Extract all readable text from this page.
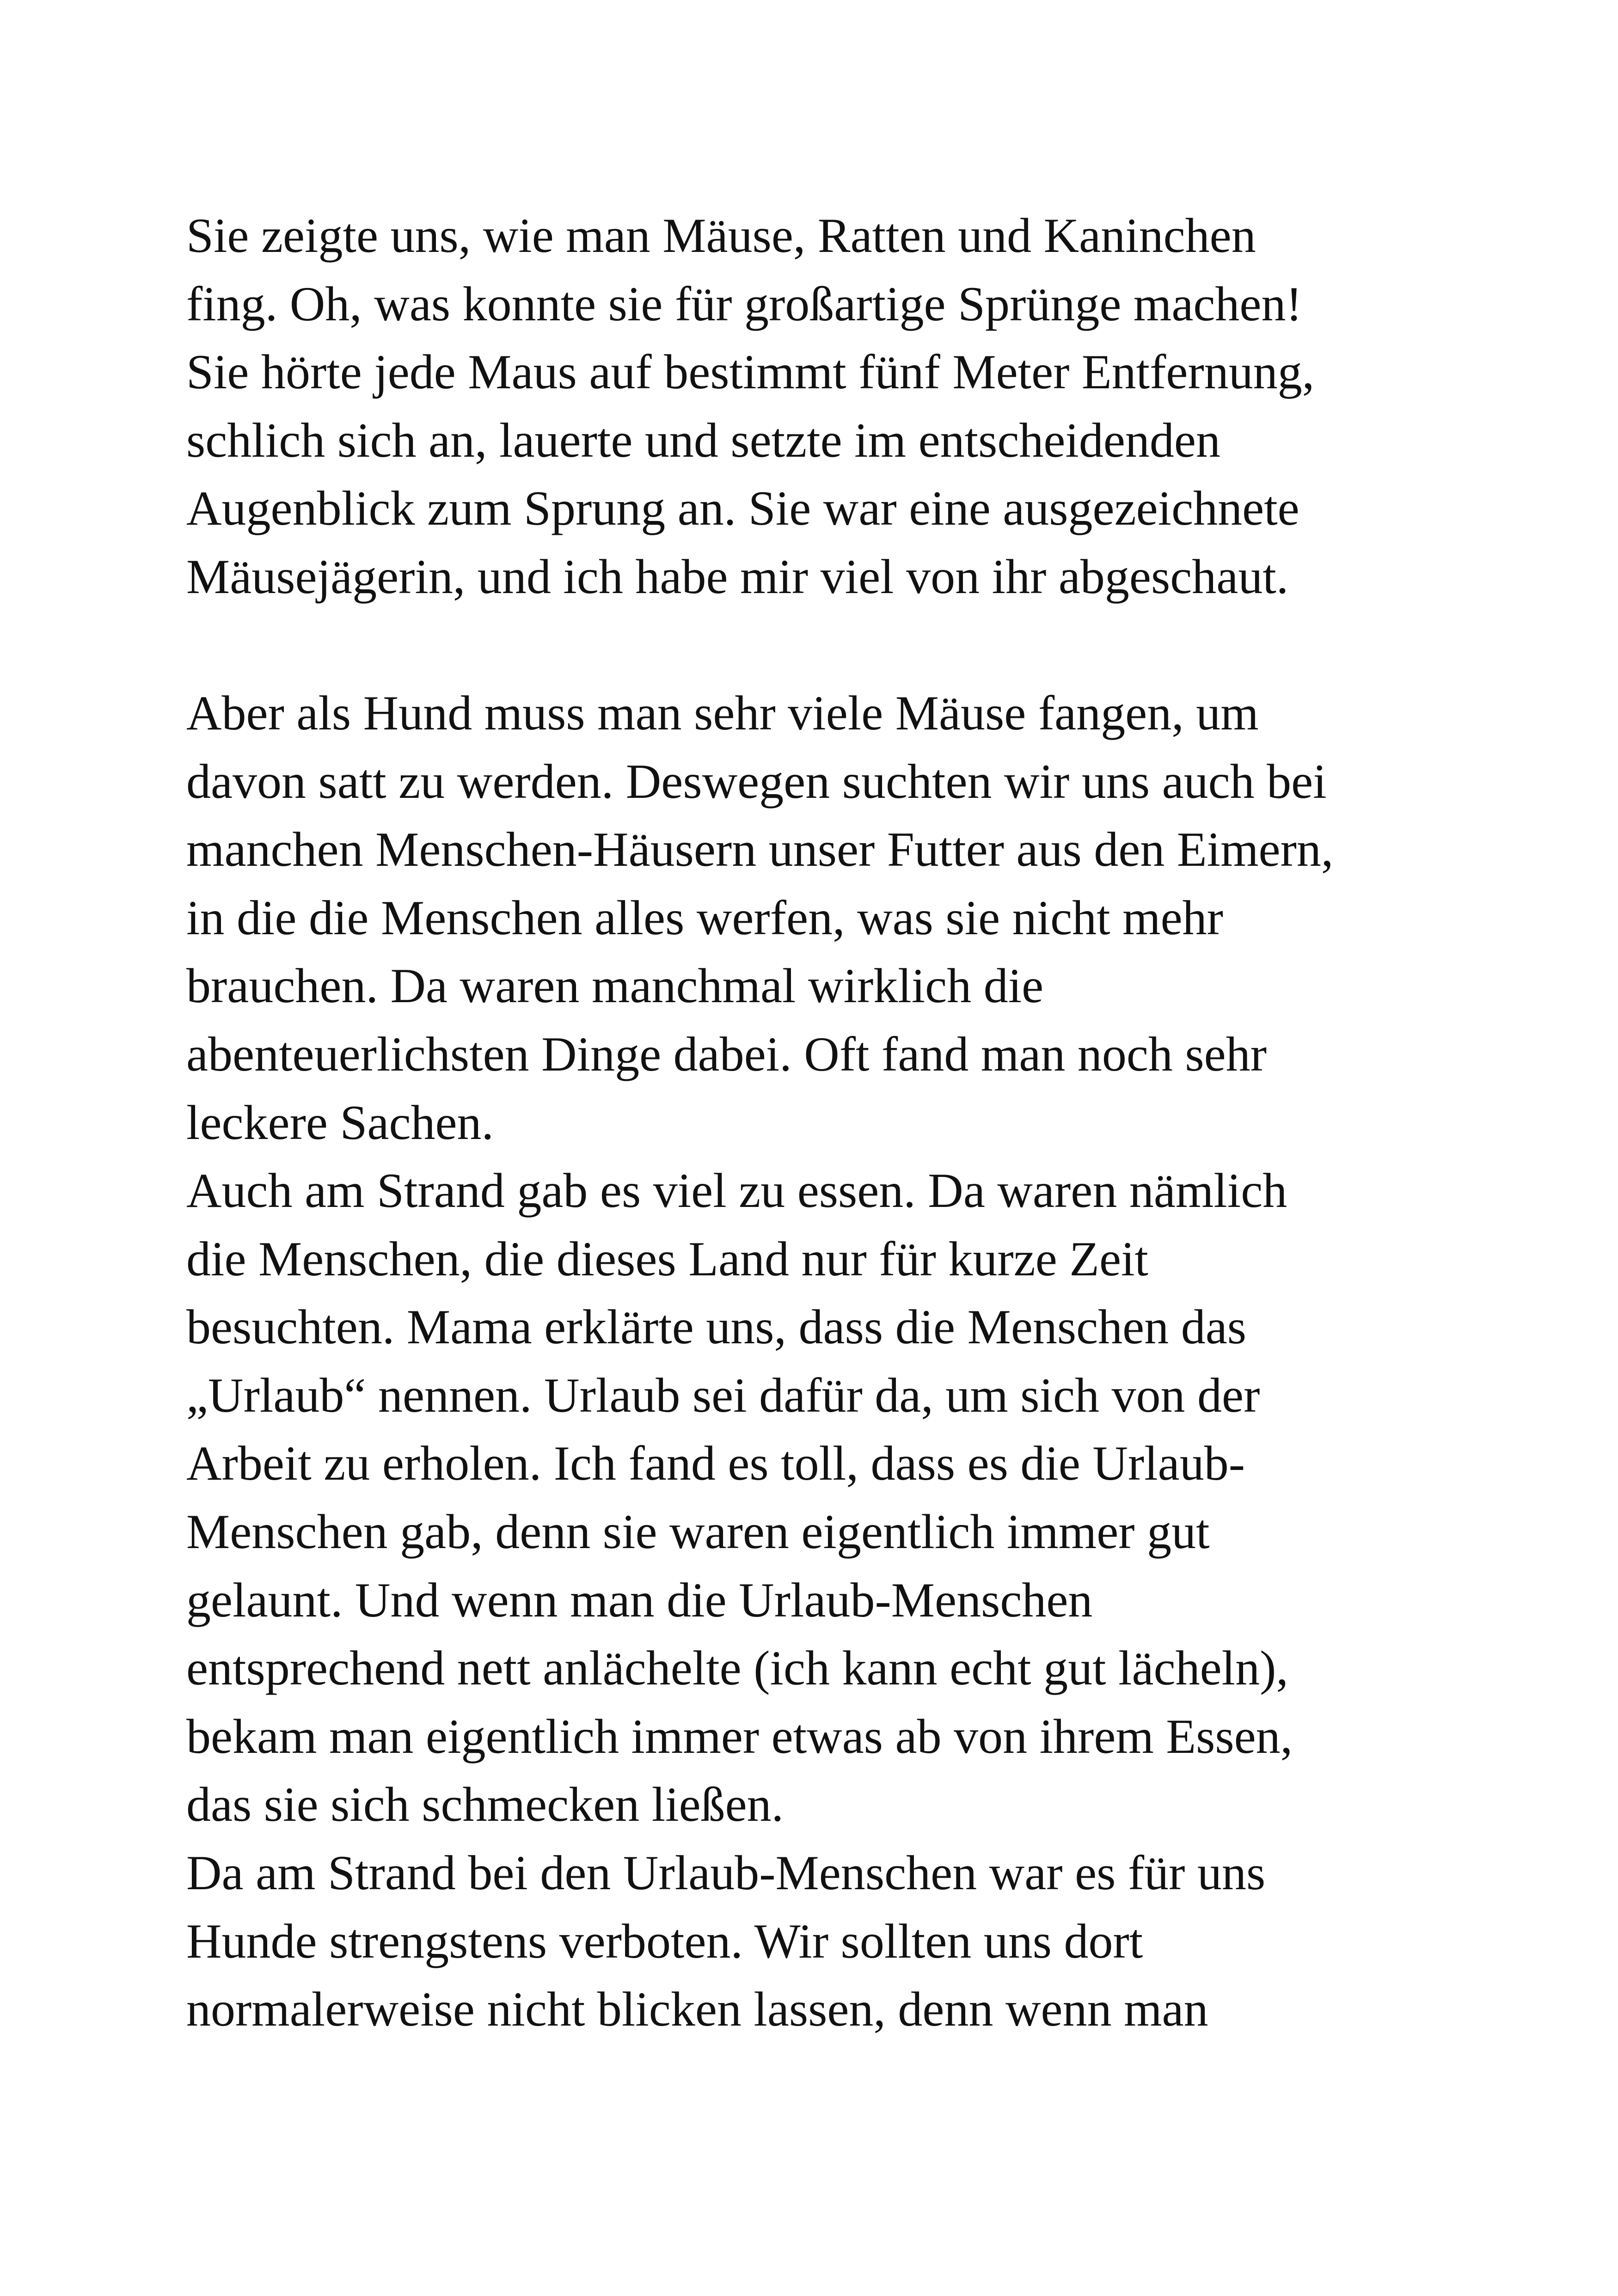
Sie zeigte uns, wie man Mäuse, Ratten und Kaninchen
fing. Oh, was konnte sie für großartige Sprünge machen!
Sie hörte jede Maus auf bestimmt fünf Meter Entfernung,
schlich sich an, lauerte und setzte im entscheidenden
Augenblick zum Sprung an. Sie war eine ausgezeichnete
Mäusejägerin, und ich habe mir viel von ihr abgeschaut.
Aber als Hund muss man sehr viele Mäuse fangen, um
davon satt zu werden. Deswegen suchten wir uns auch bei
manchen Menschen-Häusern unser Futter aus den Eimern,
in die die Menschen alles werfen, was sie nicht mehr
brauchen. Da waren manchmal wirklich die
abenteuerlichsten Dinge dabei. Oft fand man noch sehr
leckere Sachen.
Auch am Strand gab es viel zu essen. Da waren nämlich
die Menschen, die dieses Land nur für kurze Zeit
besuchten. Mama erklärte uns, dass die Menschen das
„Urlaub“ nennen. Urlaub sei dafür da, um sich von der
Arbeit zu erholen. Ich fand es toll, dass es die Urlaub-
Menschen gab, denn sie waren eigentlich immer gut
gelaunt. Und wenn man die Urlaub-Menschen
entsprechend nett anlächelte (ich kann echt gut lächeln),
bekam man eigentlich immer etwas ab von ihrem Essen,
das sie sich schmecken ließen.
Da am Strand bei den Urlaub-Menschen war es für uns
Hunde strengstens verboten. Wir sollten uns dort
normalerweise nicht blicken lassen, denn wenn man
